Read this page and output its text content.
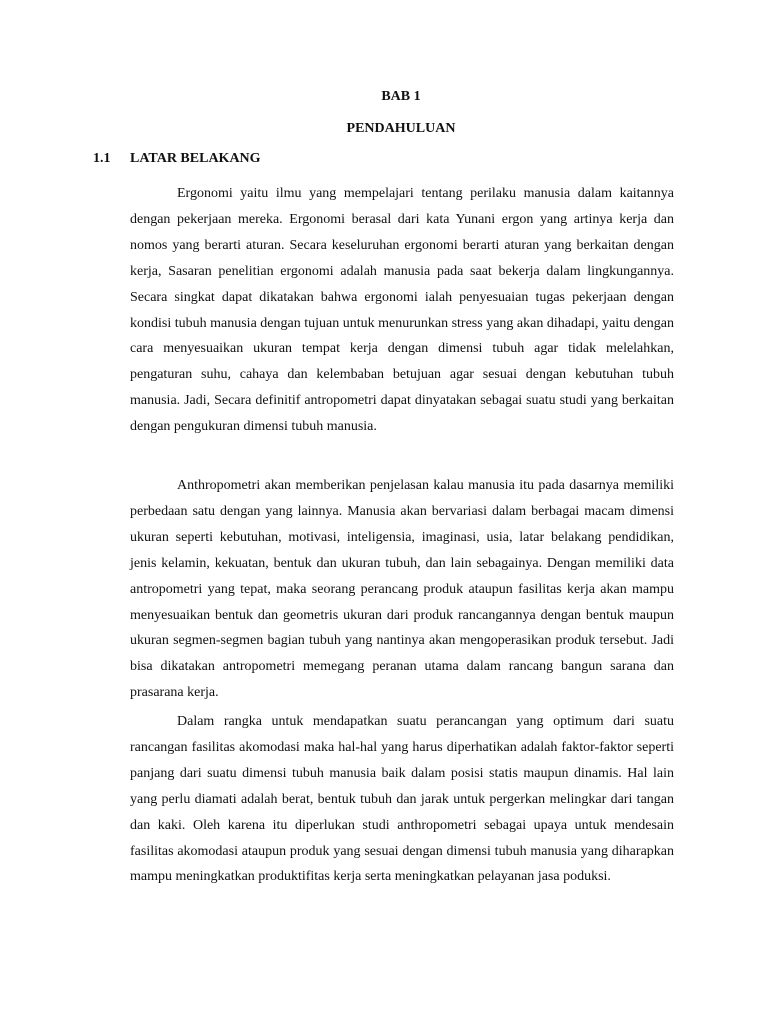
BAB 1
PENDAHULUAN
1.1 LATAR BELAKANG

Ergonomi yaitu ilmu yang mempelajari tentang perilaku manusia dalam kaitannya dengan pekerjaan mereka. Ergonomi berasal dari kata Yunani ergon yang artinya kerja dan nomos yang berarti aturan. Secara keseluruhan ergonomi berarti aturan yang berkaitan dengan kerja, Sasaran penelitian ergonomi adalah manusia pada saat bekerja dalam lingkungannya. Secara singkat dapat dikatakan bahwa ergonomi ialah penyesuaian tugas pekerjaan dengan kondisi tubuh manusia dengan tujuan untuk menurunkan stress yang akan dihadapi, yaitu dengan cara menyesuaikan ukuran tempat kerja dengan dimensi tubuh agar tidak melelahkan, pengaturan suhu, cahaya dan kelembaban betujuan agar sesuai dengan kebutuhan tubuh manusia. Jadi, Secara definitif antropometri dapat dinyatakan sebagai suatu studi yang berkaitan dengan pengukuran dimensi tubuh manusia.

Anthropometri akan memberikan penjelasan kalau manusia itu pada dasarnya memiliki perbedaan satu dengan yang lainnya. Manusia akan bervariasi dalam berbagai macam dimensi ukuran seperti kebutuhan, motivasi, inteligensia, imaginasi, usia, latar belakang pendidikan, jenis kelamin, kekuatan, bentuk dan ukuran tubuh, dan lain sebagainya. Dengan memiliki data antropometri yang tepat, maka seorang perancang produk ataupun fasilitas kerja akan mampu menyesuaikan bentuk dan geometris ukuran dari produk rancangannya dengan bentuk maupun ukuran segmen-segmen bagian tubuh yang nantinya akan mengoperasikan produk tersebut. Jadi bisa dikatakan antropometri memegang peranan utama dalam rancang bangun sarana dan prasarana kerja.

Dalam rangka untuk mendapatkan suatu perancangan yang optimum dari suatu rancangan fasilitas akomodasi maka hal-hal yang harus diperhatikan adalah faktor-faktor seperti panjang dari suatu dimensi tubuh manusia baik dalam posisi statis maupun dinamis. Hal lain yang perlu diamati adalah berat, bentuk tubuh dan jarak untuk pergerkan melingkar dari tangan dan kaki. Oleh karena itu diperlukan studi anthropometri sebagai upaya untuk mendesain fasilitas akomodasi ataupun produk yang sesuai dengan dimensi tubuh manusia yang diharapkan mampu meningkatkan produktifitas kerja serta meningkatkan pelayanan jasa poduksi.
